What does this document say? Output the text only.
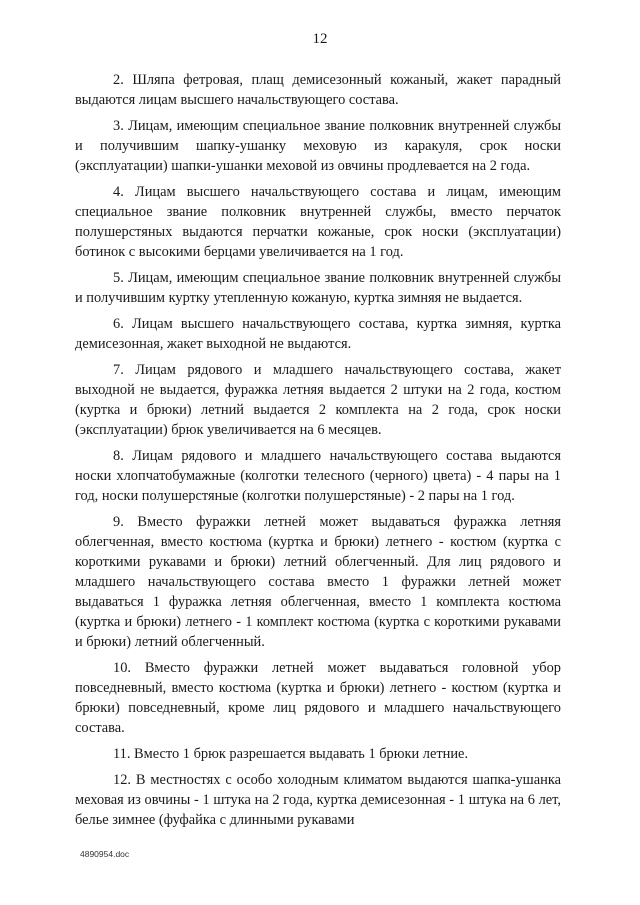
12

2. Шляпа фетровая, плащ демисезонный кожаный, жакет парадный выдаются лицам высшего начальствующего состава.

3. Лицам, имеющим специальное звание полковник внутренней службы и получившим шапку-ушанку меховую из каракуля, срок носки (эксплуатации) шапки-ушанки меховой из овчины продлевается на 2 года.

4. Лицам высшего начальствующего состава и лицам, имеющим специальное звание полковник внутренней службы, вместо перчаток полушерстяных выдаются перчатки кожаные, срок носки (эксплуатации) ботинок с высокими берцами увеличивается на 1 год.

5. Лицам, имеющим специальное звание полковник внутренней службы и получившим куртку утепленную кожаную, куртка зимняя не выдается.

6. Лицам высшего начальствующего состава, куртка зимняя, куртка демисезонная, жакет выходной не выдаются.

7. Лицам рядового и младшего начальствующего состава, жакет выходной не выдается, фуражка летняя выдается 2 штуки на 2 года, костюм (куртка и брюки) летний выдается 2 комплекта на 2 года, срок носки (эксплуатации) брюк увеличивается на 6 месяцев.

8. Лицам рядового и младшего начальствующего состава выдаются носки хлопчатобумажные (колготки телесного (черного) цвета) - 4 пары на 1 год, носки полушерстяные (колготки полушерстяные) - 2 пары на 1 год.

9. Вместо фуражки летней может выдаваться фуражка летняя облегченная, вместо костюма (куртка и брюки) летнего - костюм (куртка с короткими рукавами и брюки) летний облегченный. Для лиц рядового и младшего начальствующего состава вместо 1 фуражки летней может выдаваться 1 фуражка летняя облегченная, вместо 1 комплекта костюма (куртка и брюки) летнего - 1 комплект костюма (куртка с короткими рукавами и брюки) летний облегченный.

10. Вместо фуражки летней может выдаваться головной убор повседневный, вместо костюма (куртка и брюки) летнего - костюм (куртка и брюки) повседневный, кроме лиц рядового и младшего начальствующего состава.

11. Вместо 1 брюк разрешается выдавать 1 брюки летние.

12. В местностях с особо холодным климатом выдаются шапка-ушанка меховая из овчины - 1 штука на 2 года, куртка демисезонная - 1 штука на 6 лет, белье зимнее (фуфайка с длинными рукавами

4890954.doc
